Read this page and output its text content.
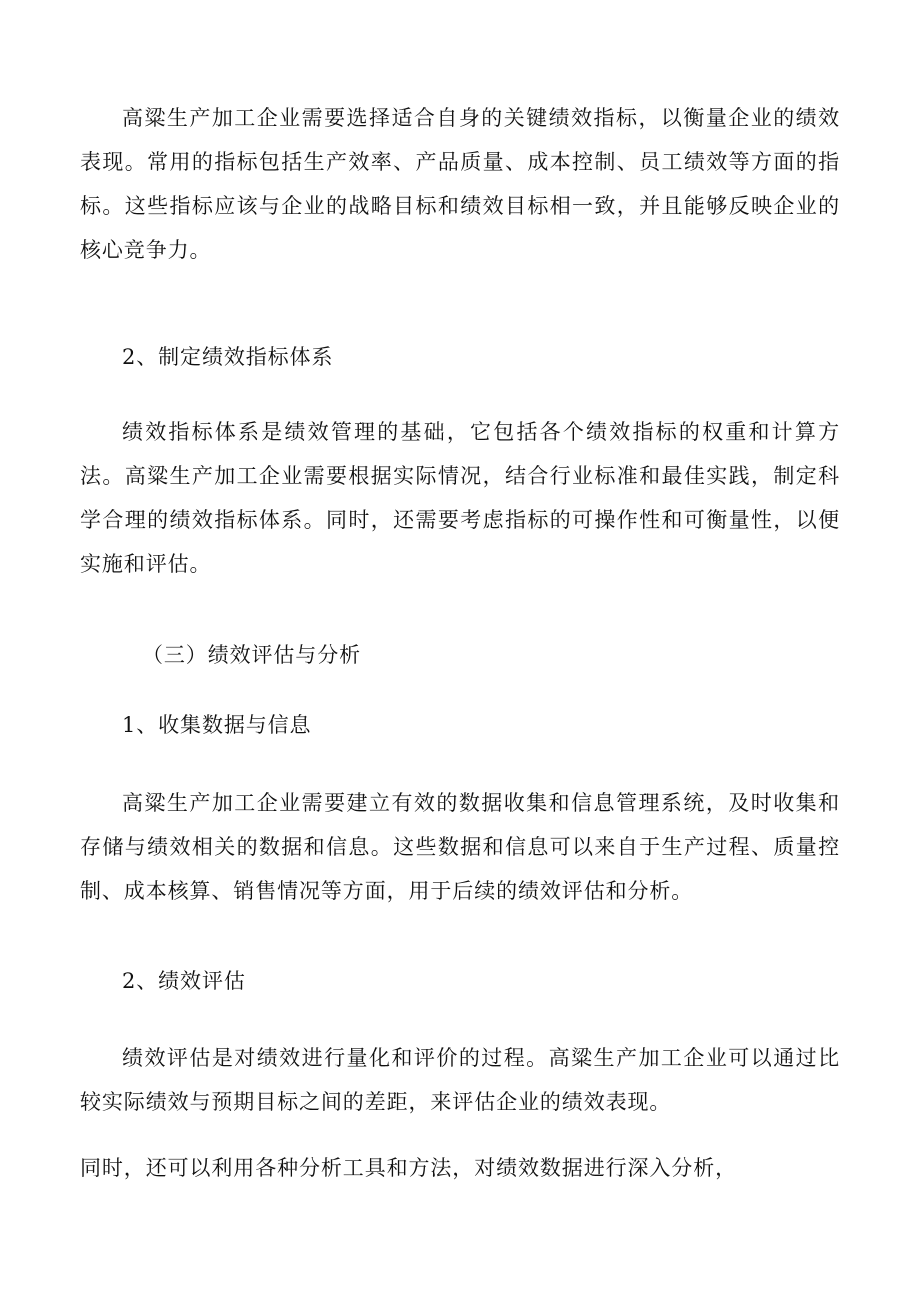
高粱生产加工企业需要选择适合自身的关键绩效指标，以衡量企业的绩效表现。常用的指标包括生产效率、产品质量、成本控制、员工绩效等方面的指标。这些指标应该与企业的战略目标和绩效目标相一致，并且能够反映企业的核心竞争力。

2、制定绩效指标体系

绩效指标体系是绩效管理的基础，它包括各个绩效指标的权重和计算方法。高粱生产加工企业需要根据实际情况，结合行业标准和最佳实践，制定科学合理的绩效指标体系。同时，还需要考虑指标的可操作性和可衡量性，以便实施和评估。

（三）绩效评估与分析

1、收集数据与信息

高粱生产加工企业需要建立有效的数据收集和信息管理系统，及时收集和存储与绩效相关的数据和信息。这些数据和信息可以来自于生产过程、质量控制、成本核算、销售情况等方面，用于后续的绩效评估和分析。

2、绩效评估

绩效评估是对绩效进行量化和评价的过程。高粱生产加工企业可以通过比较实际绩效与预期目标之间的差距，来评估企业的绩效表现。

同时，还可以利用各种分析工具和方法，对绩效数据进行深入分析，
